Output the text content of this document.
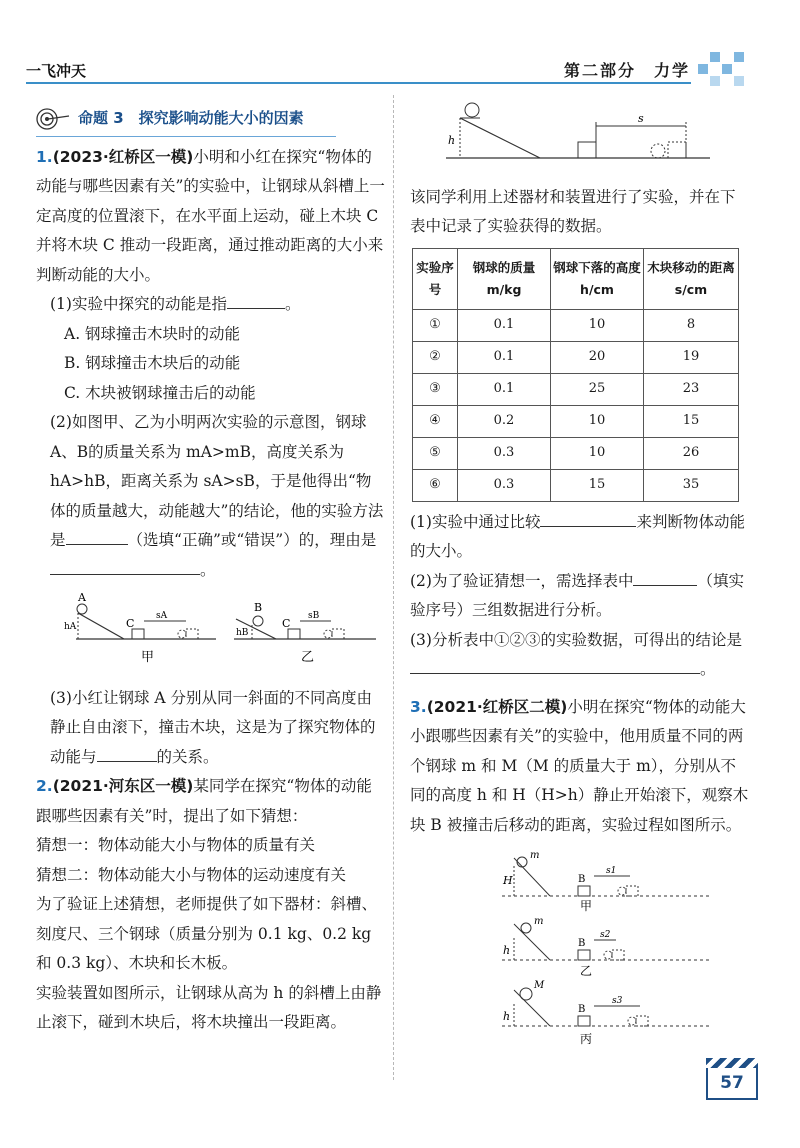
一飞冲天	第二部分　力学
命题 3　探究影响动能大小的因素

1.(2023·红桥区一模)小明和小红在探究“物体的动能与哪些因素有关”的实验中，让钢球从斜槽上一定高度的位置滚下，在水平面上运动，碰上木块 C 并将木块 C 推动一段距离，通过推动距离的大小来判断动能的大小。

(1)实验中探究的动能是指	。

A. 钢球撞击木块时的动能

B. 钢球撞击木块后的动能

C. 木块被钢球撞击后的动能

(2)如图甲、乙为小明两次实验的示意图，钢球A、B的质量关系为 mA>mB，高度关系为 hA>hB，距离关系为 sA>sB，于是他得出“物体的质量越大，动能越大”的结论，他的实验方法是	（选填“正确”或“错误”）的，理由是。

A
hA	C
sA
甲
B
hB
C
sB
乙

(3)小红让钢球 A 分别从同一斜面的不同高度由静止自由滚下，撞击木块，这是为了探究物体的动能与	的关系。

2.(2021·河东区一模)某同学在探究“物体的动能跟哪些因素有关”时，提出了如下猜想：

猜想一：物体动能大小与物体的质量有关

猜想二：物体动能大小与物体的运动速度有关

为了验证上述猜想，老师提供了如下器材：斜槽、刻度尺、三个钢球（质量分别为 0.1 kg、0.2 kg和 0.3 kg）、木块和长木板。

实验装置如图所示，让钢球从高为 h 的斜槽上由静止滚下，碰到木块后，将木块撞出一段距离。

h
s

该同学利用上述器材和装置进行了实验，并在下表中记录了实验获得的数据。

实验序号	钢球的质量 m/kg	钢球下落的高度 h/cm	木块移动的距离 s/cm
①	0.1	10	8
②	0.1	20	19
③	0.1	25	23
④	0.2	10	15
⑤	0.3	10	26
⑥	0.3	15	35

(1)实验中通过比较	来判断物体动能的大小。

(2)为了验证猜想一，需选择表中	（填实验序号）三组数据进行分析。

(3)分析表中①②③的实验数据，可得出的结论是。

3.(2021·红桥区二模)小明在探究“物体的动能大小跟哪些因素有关”的实验中，他用质量不同的两个钢球 m 和 M（M 的质量大于 m），分别从不同的高度 h 和 H（H>h）静止开始滚下，观察木块 B 被撞击后移动的距离，实验过程如图所示。

m
H	B
s1
甲
m
h
B
s2
乙
M
h
B
s3
丙
57
